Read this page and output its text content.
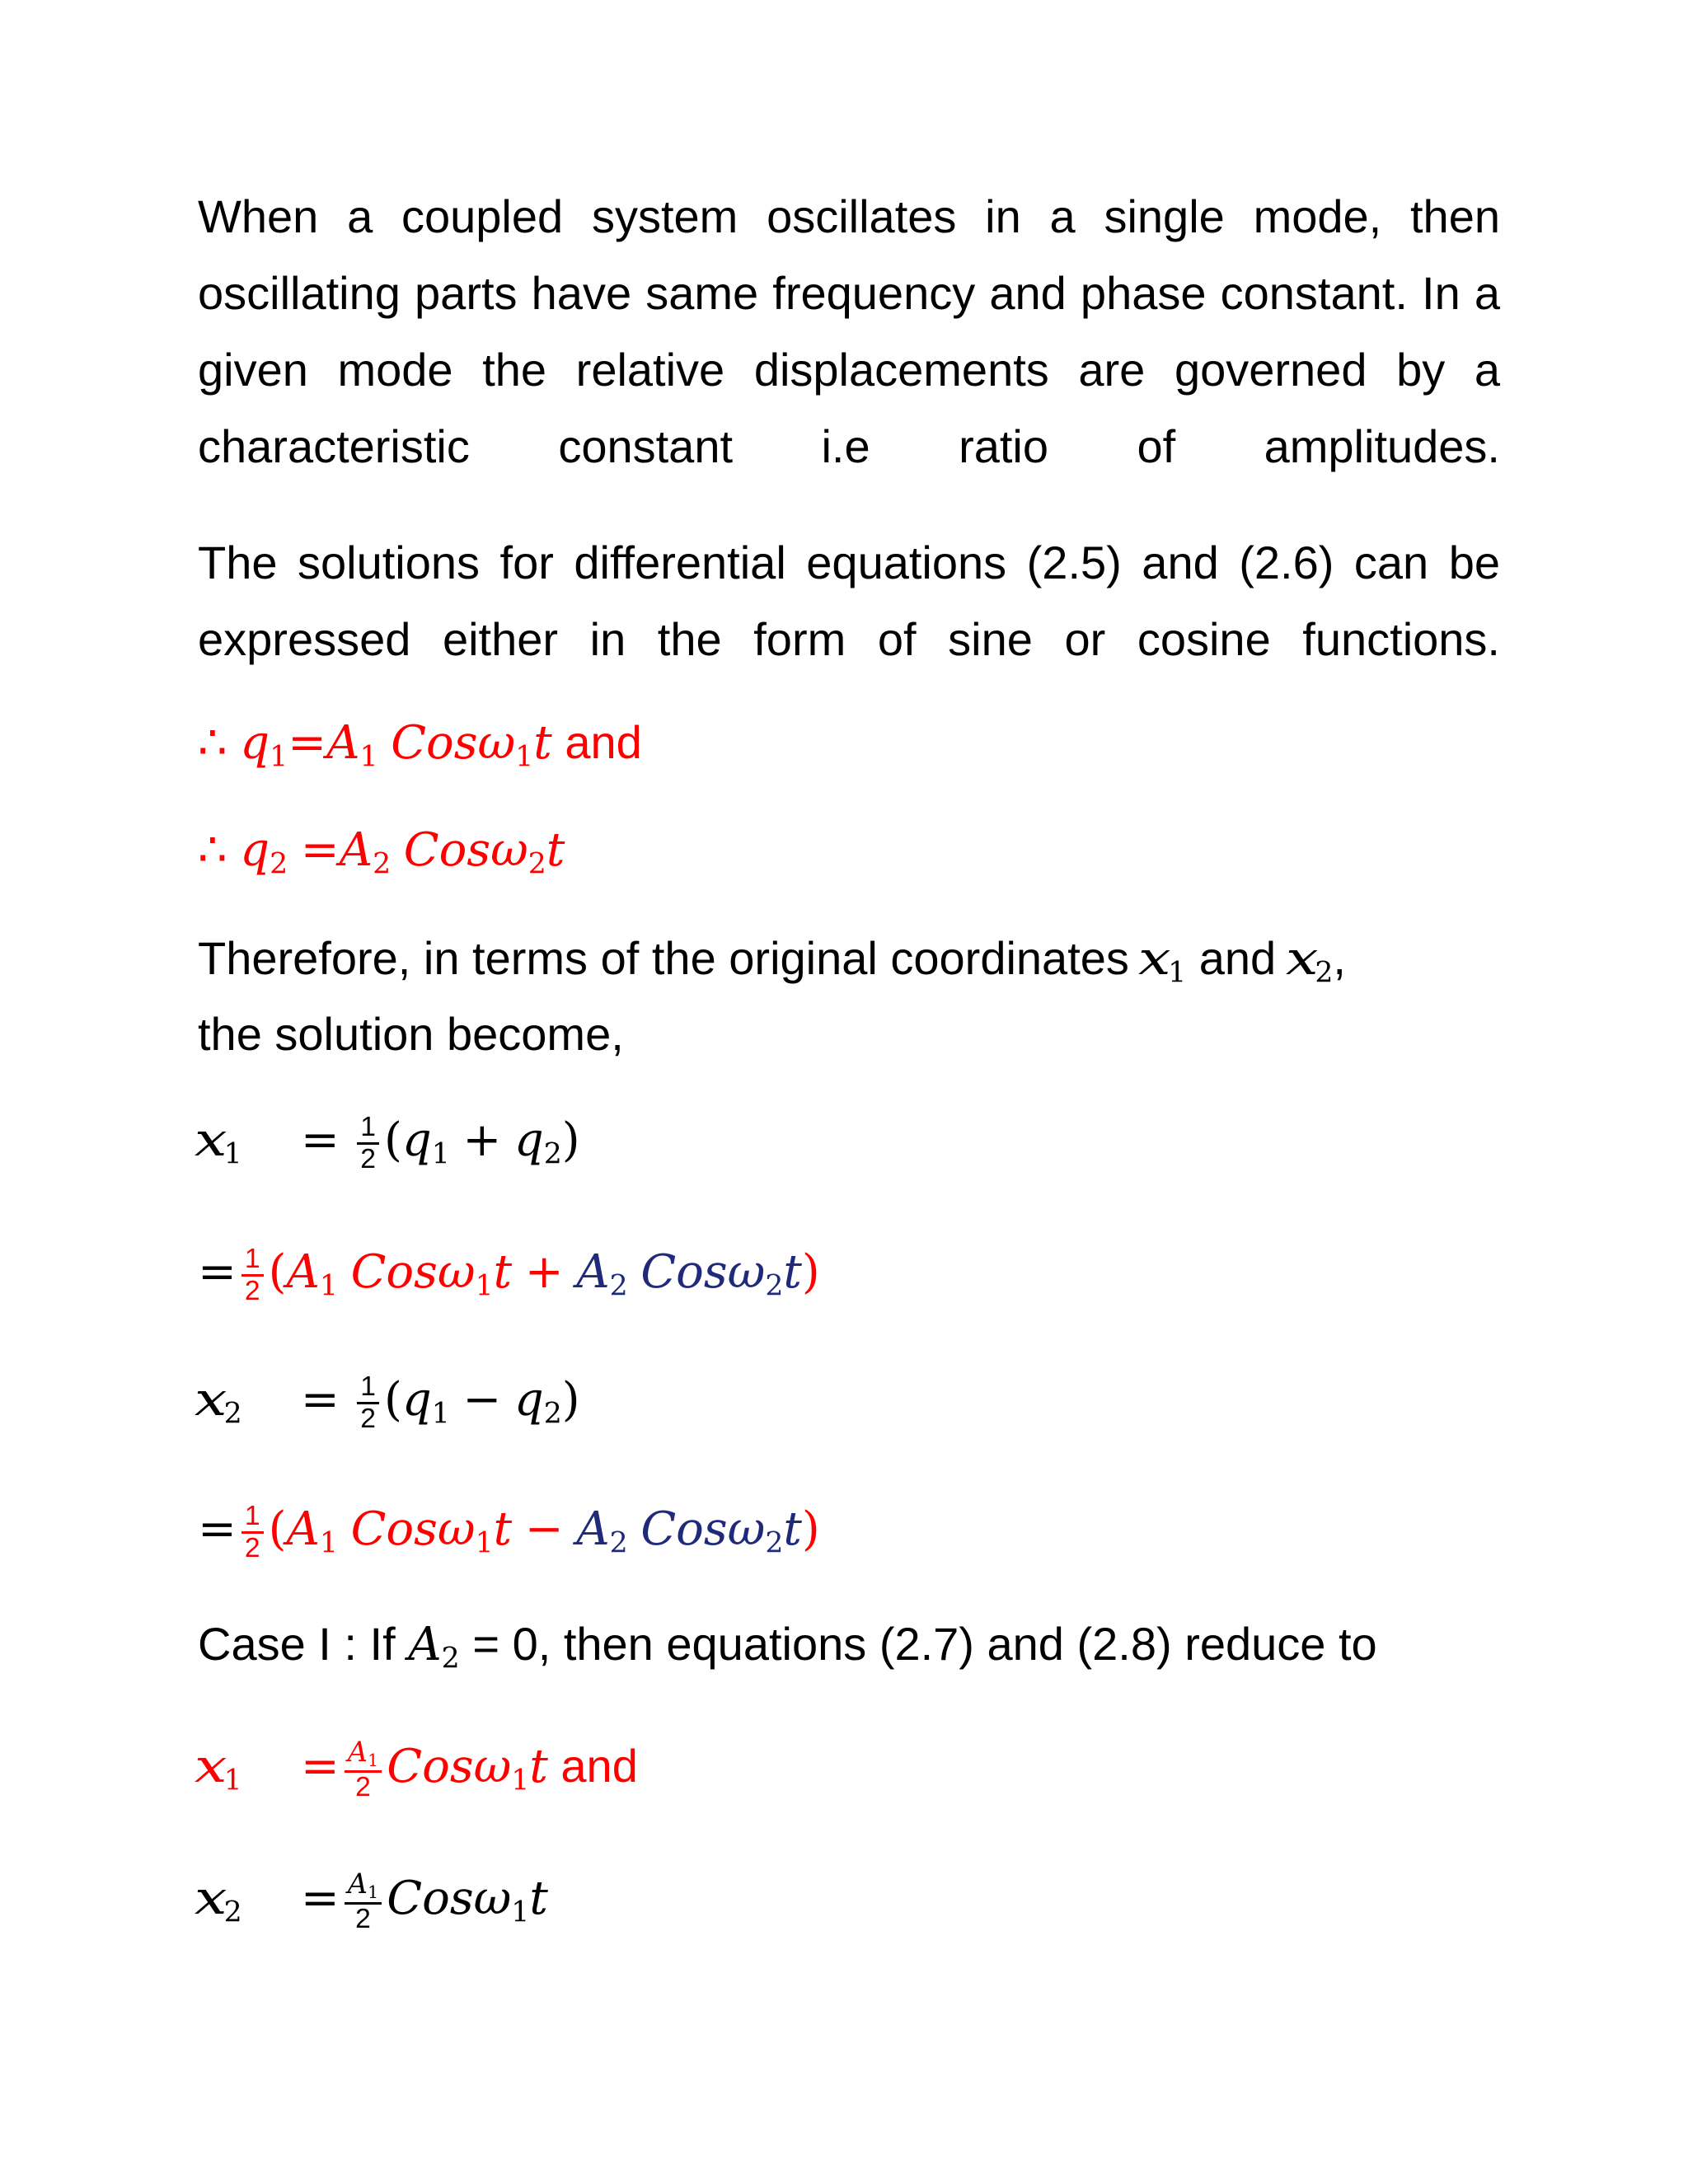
When a coupled system oscillates in a single mode, then oscillating parts have same frequency and phase constant. In a given mode the relative displacements are governed by a characteristic constant i.e ratio of amplitudes.

The solutions for differential equations (2.5) and (2.6) can be expressed either in the form of sine or cosine functions.

∴ $q_1=A_1$ Cosω$_1$t and
∴ $q_2 =A_2$ Cosω$_2$t
Therefore, in terms of the original coordinates $x_1$ and $x_2$,
the solution become,
$x_1 = \frac{1}{2} (q_1 + q_2)$
= $\frac{1}{2} (A_1$ $Cos\omega_1t + A_2$ Cosω$_2$t)
$x_2 = \frac{1}{2} (q_1 - q_2)$
= $\frac{1}{2} (A_1$ $Cos\omega_1t - A_2$ Cosω$_2$t)
Case I : If $A_2 = 0$, then equations (2.7) and (2.8) reduce to
$x_1 = \frac{A_1}{2} Cos\omega_1t$ and
$x_2 = \frac{A_1}{2} Cos\omega_1t$
